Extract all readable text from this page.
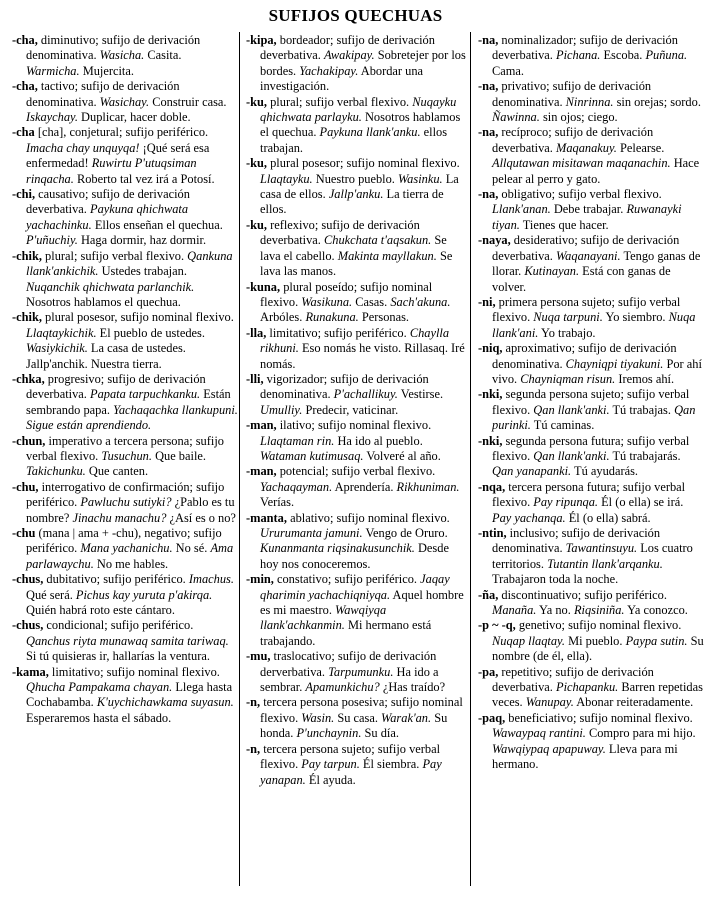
SUFIJOS QUECHUAS

-cha, diminutivo; sufijo de derivación denominativa. Wasicha. Casita. Warmicha. Mujercita.

-cha, tactivo; sufijo de derivación denominativa. Wasichay. Construir casa. Iskaychay. Duplicar, hacer doble.

-cha [cha], conjetural; sufijo periférico. Imacha chay unquyqa! ¡Qué será esa enfermedad! Ruwirtu P'utuqsiman rinqacha. Roberto tal vez irá a Potosí.

-chi, causativo; sufijo de derivación deverbativa. Paykuna qhichwata yachachinku. Ellos enseñan el quechua. P'uñuchiy. Haga dormir, haz dormir.

-chik, plural; sufijo verbal flexivo. Qankuna llank'ankichik. Ustedes trabajan. Nuqanchik qhichwata parlanchik. Nosotros hablamos el quechua.

-chik, plural posesor, sufijo nominal flexivo. Llaqtaykichik. El pueblo de ustedes. Wasiykichik. La casa de ustedes. Jallp'anchik. Nuestra tierra.

-chka, progresivo; sufijo de derivación deverbativa. Papata tarpuchkanku. Están sembrando papa. Yachaqachka llankupuni. Sigue están aprendiendo.

-chun, imperativo a tercera persona; sufijo verbal flexivo. Tusuchun. Que baile. Takichunku. Que canten.

-chu, interrogativo de confirmación; sufijo periférico. Pawluchu sutiyki? ¿Pablo es tu nombre? Jinachu manachu? ¿Así es o no?

-chu (mana | ama + -chu), negativo; sufijo periférico. Mana yachanichu. No sé. Ama parlawaychu. No me hables.

-chus, dubitativo; sufijo periférico. Imachus. Qué será. Pichus kay yuruta p'akirqa. Quién habrá roto este cántaro.

-chus, condicional; sufijo periférico. Qanchus riyta munawaq samita tariwaq. Si tú quisieras ir, hallarías la ventura.

-kama, limitativo; sufijo nominal flexivo. Qhucha Pampakama chayan. Llega hasta Cochabamba. K'uychichawkama suyasun. Esperaremos hasta el sábado.

-kipa, bordeador; sufijo de derivación deverbativa. Awakipay. Sobretejer por los bordes. Yachakipay. Abordar una investigación.

-ku, plural; sufijo verbal flexivo. Nuqayku qhichwata parlayku. Nosotros hablamos el quechua. Paykuna llank'anku. ellos trabajan.

-ku, plural posesor; sufijo nominal flexivo. Llaqtayku. Nuestro pueblo. Wasinku. La casa de ellos. Jallp'anku. La tierra de ellos.

-ku, reflexivo; sufijo de derivación deverbativa. Chukchata t'aqsakun. Se lava el cabello. Makinta mayllakun. Se lava las manos.

-kuna, plural poseído; sufijo nominal flexivo. Wasikuna. Casas. Sach'akuna. Arbóles. Runakuna. Personas.

-lla, limitativo; sufijo periférico. Chaylla rikhuni. Eso nomás he visto. Rillasaq. Iré nomás.

-lli, vigorizador; sufijo de derivación denominativa. P'achallikuy. Vestirse. Umulliy. Predecir, vaticinar.

-man, ilativo; sufijo nominal flexivo. Llaqtaman rin. Ha ido al pueblo. Wataman kutimusaq. Volveré al año.

-man, potencial; sufijo verbal flexivo. Yachaqayman. Aprendería. Rikhuniman. Verías.

-manta, ablativo; sufijo nominal flexivo. Ururumanta jamuni. Vengo de Oruro. Kunanmanta riqsinakusunchik. Desde hoy nos conoceremos.

-min, constativo; sufijo periférico. Jaqay qharimin yachachiqniyqa. Aquel hombre es mi maestro. Wawqiyqa llank'achkanmin. Mi hermano está trabajando.

-mu, traslocativo; sufijo de derivación derverbativa. Tarpumunku. Ha ido a sembrar. Apamunkichu? ¿Has traído?

-n, tercera persona posesiva; sufijo nominal flexivo. Wasin. Su casa. Warak'an. Su honda. P'unchaynin. Su día.

-n, tercera persona sujeto; sufijo verbal flexivo. Pay tarpun. Él siembra. Pay yanapan. Él ayuda.

-na, nominalizador; sufijo de derivación deverbativa. Pichana. Escoba. Puñuna. Cama.

-na, privativo; sufijo de derivación denominativa. Ninrinna. sin orejas; sordo. Ñawinna. sin ojos; ciego.

-na, recíproco; sufijo de derivación deverbativa. Maqanakuy. Pelearse. Allqutawan misitawan maqanachin. Hace pelear al perro y gato.

-na, obligativo; sufijo verbal flexivo. Llank'anan. Debe trabajar. Ruwanayki tiyan. Tienes que hacer.

-naya, desiderativo; sufijo de derivación deverbativa. Waqanayani. Tengo ganas de llorar. Kutinayan. Está con ganas de volver.

-ni, primera persona sujeto; sufijo verbal flexivo. Nuqa tarpuni. Yo siembro. Nuqa llank'ani. Yo trabajo.

-niq, aproximativo; sufijo de derivación denominativa. Chayniqpi tiyakuni. Por ahí vivo. Chayniqman risun. Iremos ahí.

-nki, segunda persona sujeto; sufijo verbal flexivo. Qan llank'anki. Tú trabajas. Qan purinki. Tú caminas.

-nki, segunda persona futura; sufijo verbal flexivo. Qan llank'anki. Tú trabajarás. Qan yanapanki. Tú ayudarás.

-nqa, tercera persona futura; sufijo verbal flexivo. Pay ripunqa. Él (o ella) se irá. Pay yachanqa. Él (o ella) sabrá.

-ntin, inclusivo; sufijo de derivación denominativa. Tawantinsuyu. Los cuatro territorios. Tutantin llank'arqanku. Trabajaron toda la noche.

-ña, discontinuativo; sufijo periférico. Manaña. Ya no. Riqsiniña. Ya conozco.

-p ~ -q, genetivo; sufijo nominal flexivo. Nuqap llaqtay. Mi pueblo. Paypa sutin. Su nombre (de él, ella).

-pa, repetitivo; sufijo de derivación deverbativa. Pichapanku. Barren repetidas veces. Wanupay. Abonar reiteradamente.

-paq, beneficiativo; sufijo nominal flexivo. Wawaypaq rantini. Compro para mi hijo. Wawqiypaq apapuway. Lleva para mi hermano.
